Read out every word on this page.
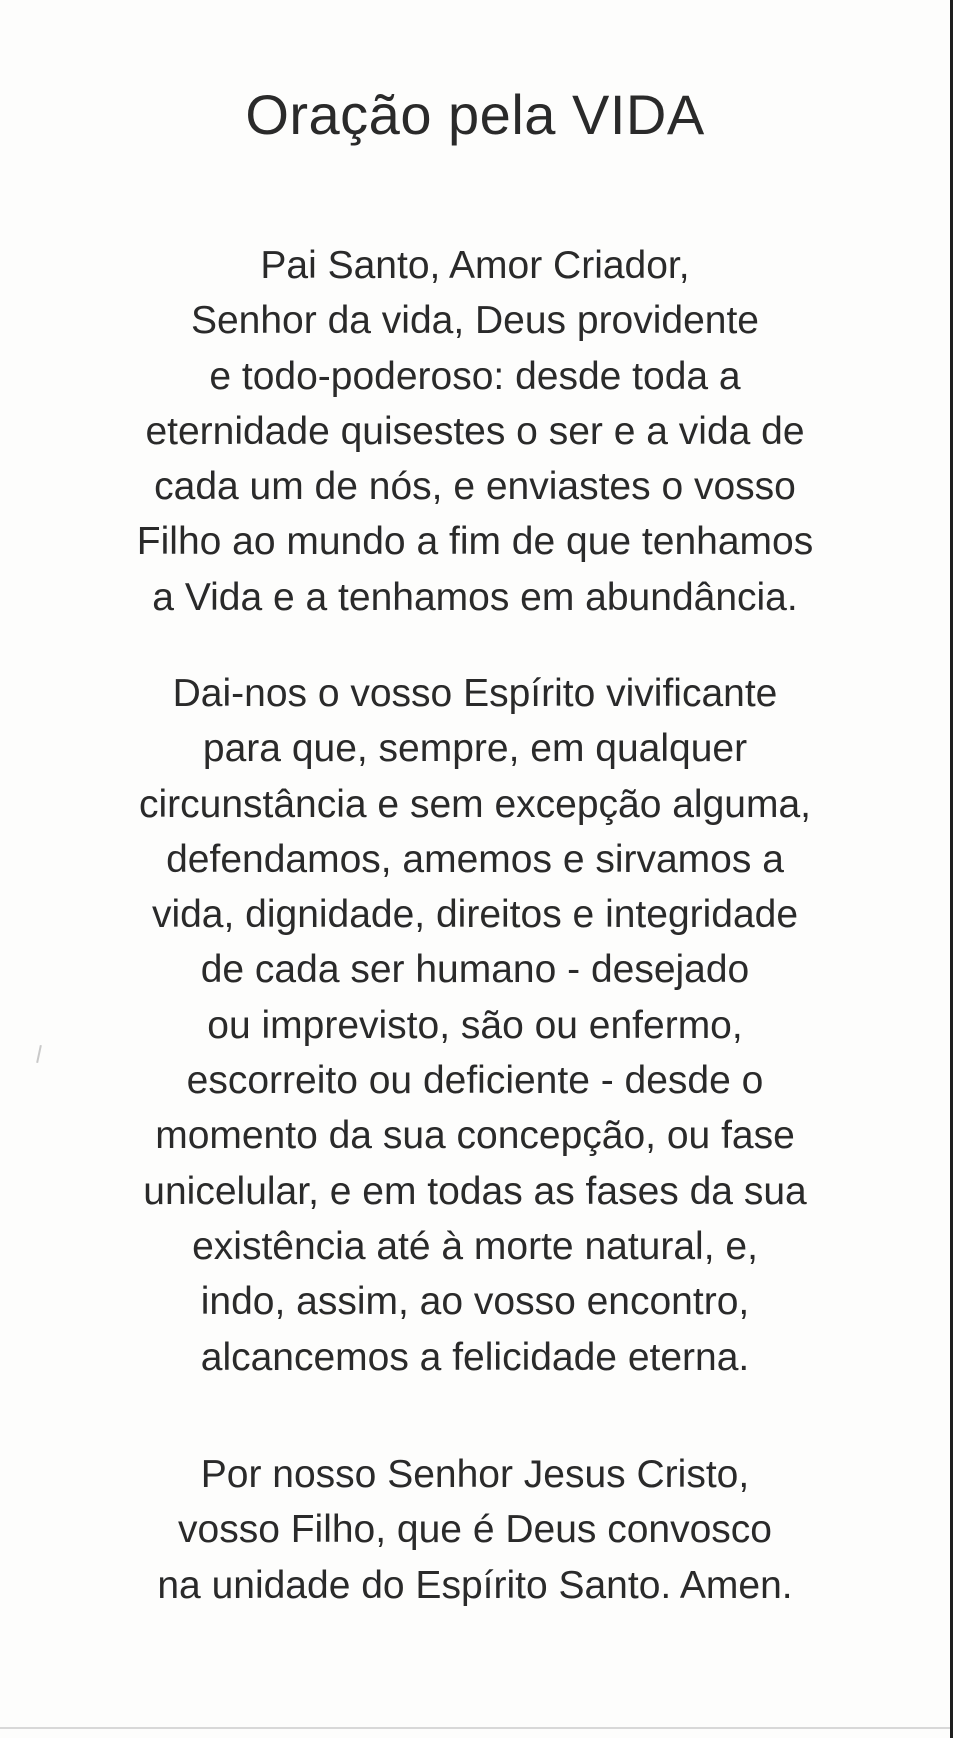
Oração pela VIDA
Pai Santo, Amor Criador,
Senhor da vida, Deus providente
e todo-poderoso: desde toda a
eternidade quisestes o ser e a vida de
cada um de nós, e enviastes o vosso
Filho ao mundo a fim de que tenhamos
a Vida e a tenhamos em abundância.
Dai-nos o vosso Espírito vivificante
para que, sempre, em qualquer
circunstância e sem excepção alguma,
defendamos, amemos e sirvamos a
vida, dignidade, direitos e integridade
de cada ser humano - desejado
ou imprevisto, são ou enfermo,
escorreito ou deficiente - desde o
momento da sua concepção, ou fase
unicelular, e em todas as fases da sua
existência até à morte natural, e,
indo, assim, ao vosso encontro,
alcancemos a felicidade eterna.
Por nosso Senhor Jesus Cristo,
vosso Filho, que é Deus convosco
na unidade do Espírito Santo. Amen.
